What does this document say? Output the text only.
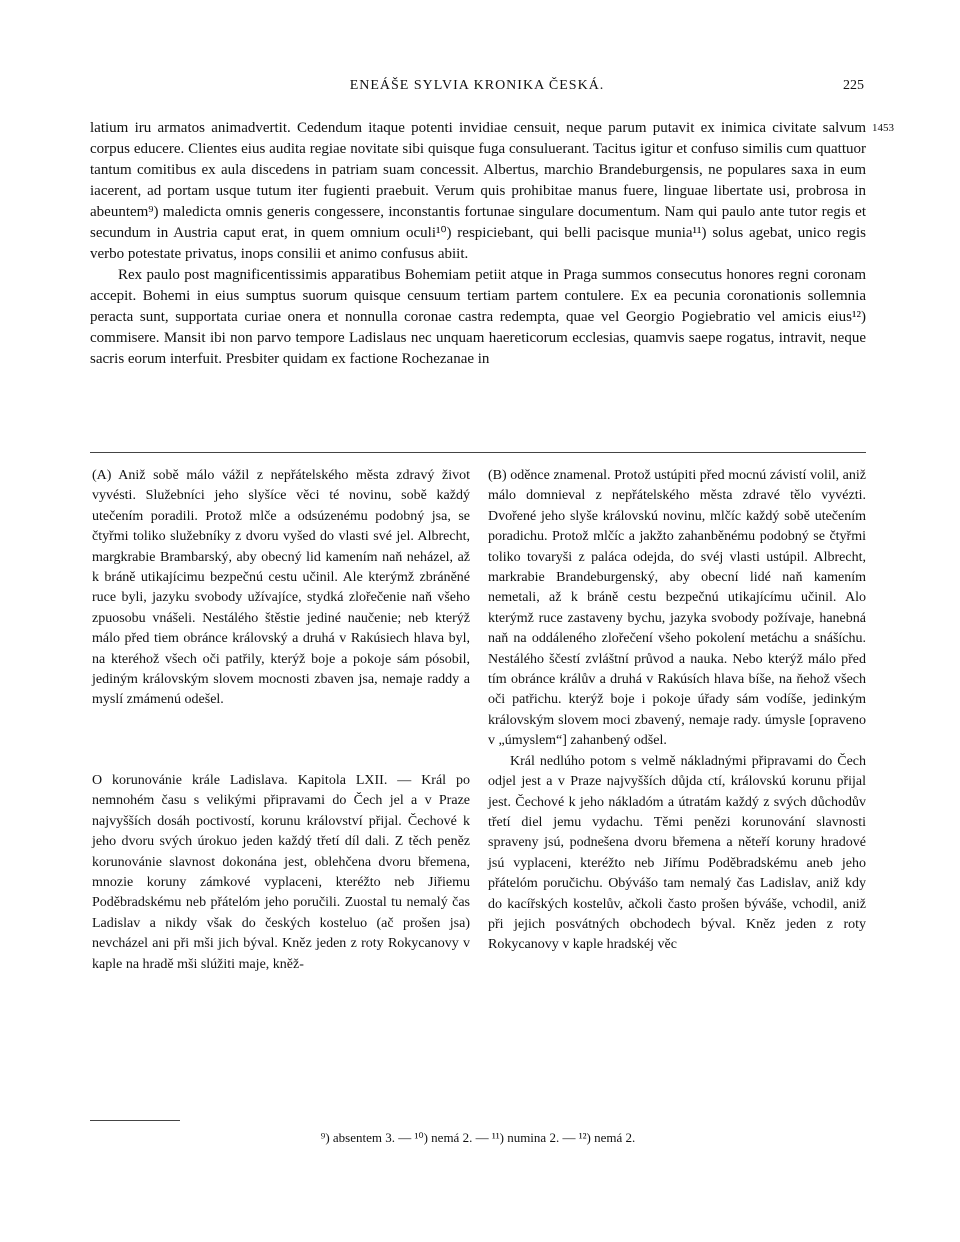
ENEÁŠE SYLVIA KRONIKA ČESKÁ.	225
1453

latium iru armatos animadvertit. Cedendum itaque potenti invidiae censuit, neque parum putavit ex inimica civitate salvum corpus educere. Clientes eius audita regiae novitate sibi quisque fuga consuluerant. Tacitus igitur et confuso similis cum quattuor tantum comitibus ex aula discedens in patriam suam concessit. Albertus, marchio Brandeburgensis, ne populares saxa in eum iacerent, ad portam usque tutum iter fugienti praebuit. Verum quis prohibitae manus fuere, linguae libertate usi, probrosa in abeuntem⁹) maledicta omnis generis congessere, inconstantis fortunae singulare documentum. Nam qui paulo ante tutor regis et secundum in Austria caput erat, in quem omnium oculi¹⁰) respiciebant, qui belli pacisque munia¹¹) solus agebat, unico regis verbo potestate privatus, inops consilii et animo confusus abiit.

Rex paulo post magnificentissimis apparatibus Bohemiam petiit atque in Praga summos consecutus honores regni coronam accepit. Bohemi in eius sumptus suorum quisque censuum tertiam partem contulere. Ex ea pecunia coronationis sollemnia peracta sunt, supportata curiae onera et nonnulla coronae castra redempta, quae vel Georgio Pogiebratio vel amicis eius¹²) commisere. Mansit ibi non parvo tempore Ladislaus nec unquam haereticorum ecclesias, quamvis saepe rogatus, intravit, neque sacris eorum interfuit. Presbiter quidam ex factione Rochezanae in

(A) Aniž sobě málo vážil z nepřátelského města zdravý život vyvésti. Služebníci jeho slyšíce věci té novinu, sobě každý utečením poradili. Protož mlče a odsúzenému podobný jsa, se čtyřmi toliko služebníky z dvoru vyšed do vlasti své jel. Albrecht, margkrabie Brambarský, aby obecný lid kamením naň neházel, až k bráně utikajícimu bezpečnú cestu učinil. Ale kterýmž zbráněné ruce byli, jazyku svobody užívajíce, stydká zlořečenie naň všeho zpuosobu vnášeli. Nestálého štěstie jediné naučenie; neb kterýž málo před tiem obránce královský a druhá v Rakúsiech hlava byl, na kteréhož všech oči patřily, kterýž boje a pokoje sám pósobil, jediným královským slovem mocnosti zbaven jsa, nemaje raddy a myslí zmámenú odešel.

O korunovánie krále Ladislava. Kapitola LXII. — Král po nemnohém času s velikými připravami do Čech jel a v Praze najvyšších dosáh poctivostí, korunu království přijal. Čechové k jeho dvoru svých úrokuo jeden každý třetí díl dali. Z těch peněz korunovánie slavnost dokonána jest, oblehčena dvoru břemena, mnozie koruny zámkové vyplaceni, kteréžto neb Jiřiemu Poděbradskému neb přátelóm jeho poručili. Zuostal tu nemalý čas Ladislav a nikdy však do českých kosteluo (ač prošen jsa) nevcházel ani při mši jich býval. Kněz jeden z roty Rokycanovy v kaple na hradě mši slúžiti maje, kněž-

(B) oděnce znamenal. Protož ustúpiti před mocnú závistí volil, aniž málo domnieval z nepřátelského města zdravé tělo vyvézti. Dvořené jeho slyše královskú novinu, mlčíc každý sobě utečením poradichu. Protož mlčíc a jakžto zahanběnému podobný se čtyřmi toliko tovaryši z paláca odejda, do svéj vlasti ustúpil. Albrecht, markrabie Brandeburgenský, aby obecní lidé naň kamením nemetali, až k bráně cestu bezpečnú utikajícímu učinil. Alo kterýmž ruce zastaveny bychu, jazyka svobody požívaje, hanebná naň na oddáleného zlořečení všeho pokolení metáchu a snášíchu. Nestálého ščestí zvláštní průvod a nauka. Nebo kterýž málo před tím obránce králův a druhá v Rakúsích hlava bíše, na ňehož všech oči patřichu. kterýž boje i pokoje úřady sám vodíše, jedinkým královským slovem moci zbavený, nemaje rady. úmysle [opraveno v „úmyslem“] zahanbený odšel.

Král nedlúho potom s velmě nákladnými připravami do Čech odjel jest a v Praze najvyšších důjda ctí, královskú korunu přijal jest. Čechové k jeho nákladóm a útratám každý z svých důchodův třetí diel jemu vydachu. Těmi penězi korunování slavnosti spraveny jsú, podnešena dvoru břemena a něteří koruny hradové jsú vyplaceni, kteréžto neb Jiřímu Poděbradskému aneb jeho přátelóm poručichu. Obývášo tam nemalý čas Ladislav, aniž kdy do kacířských kostelův, ačkoli často prošen býváše, vchodil, aniž při jejich posvátných obchodech býval. Kněz jeden z roty Rokycanovy v kaple hradskéj věc

⁹) absentem 3. — ¹⁰) nemá 2. — ¹¹) numina 2. — ¹²) nemá 2.
